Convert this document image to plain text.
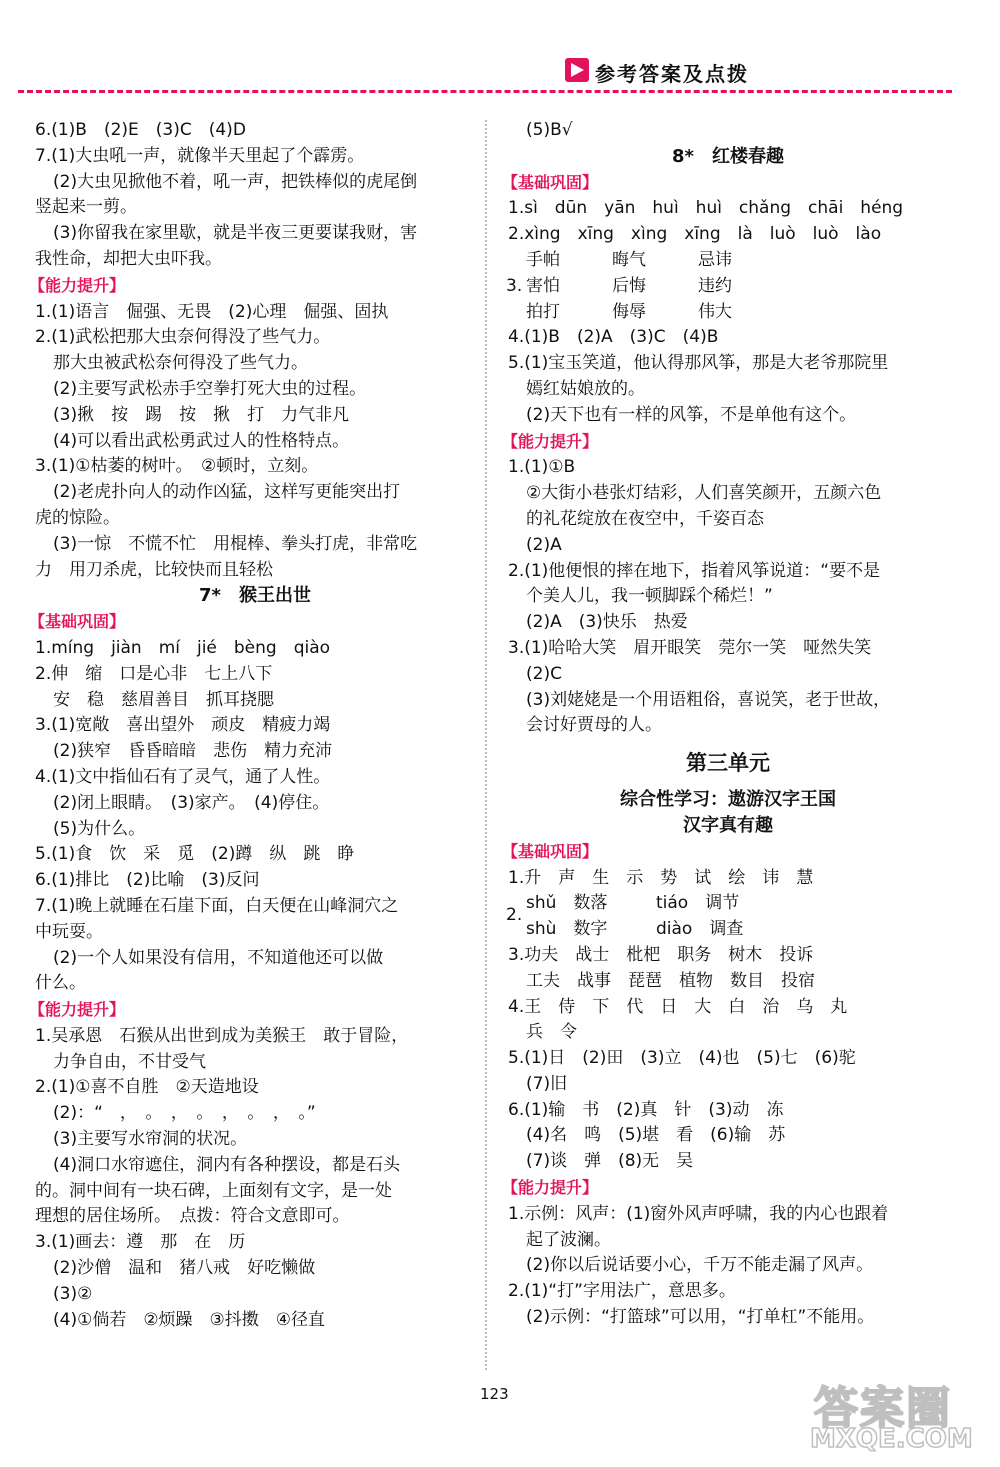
参考答案及点拨
6.(1)B　(2)E　(3)C　(4)D
7.(1)大虫吼一声，就像半天里起了个霹雳。
(2)大虫见掀他不着，吼一声，把铁棒似的虎尾倒
竖起来一剪。
(3)你留我在家里歇，就是半夜三更要谋我财，害
我性命，却把大虫吓我。
【能力提升】
1.(1)语言　倔强、无畏　(2)心理　倔强、固执
2.(1)武松把那大虫奈何得没了些气力。
那大虫被武松奈何得没了些气力。
(2)主要写武松赤手空拳打死大虫的过程。
(3)揪　按　踢　按　揪　打　力气非凡
(4)可以看出武松勇武过人的性格特点。
3.(1)①枯萎的树叶。　②顿时，立刻。
(2)老虎扑向人的动作凶猛，这样写更能突出打
虎的惊险。
(3)一惊　不慌不忙　用棍棒、拳头打虎，非常吃
力　用刀杀虎，比较快而且轻松
7*　猴王出世
【基础巩固】
1.míng　jiàn　mí　jié　bèng　qiào
2.伸　缩　口是心非　七上八下
安　稳　慈眉善目　抓耳挠腮
3.(1)宽敞　喜出望外　顽皮　精疲力竭
(2)狭窄　昏昏暗暗　悲伤　精力充沛
4.(1)文中指仙石有了灵气，通了人性。
(2)闭上眼睛。　(3)家产。　(4)停住。
(5)为什么。
5.(1)食　饮　采　觅　(2)蹲　纵　跳　睁
6.(1)排比　(2)比喻　(3)反问
7.(1)晚上就睡在石崖下面，白天便在山峰洞穴之
中玩耍。
(2)一个人如果没有信用，不知道他还可以做
什么。
【能力提升】
1.吴承恩　石猴从出世到成为美猴王　敢于冒险，
力争自由，不甘受气
2.(1)①喜不自胜　②天造地设
(2)：“　，　。　，　。　，　。　，　。”
(3)主要写水帘洞的状况。
(4)洞口水帘遮住，洞内有各种摆设，都是石头
的。洞中间有一块石碑，上面刻有文字，是一处
理想的居住场所。　点拨：符合文意即可。
3.(1)画去：遵　那　在　历
(2)沙僧　温和　猪八戒　好吃懒做
(3)②
(4)①倘若　②烦躁　③抖擞　④径直
(5)B√
8*　红楼春趣
【基础巩固】
1.sì　dūn　yān　huì　huì　chǎng　chāi　héng
2.xìng　xīng　xìng　xīng　là　luò　luò　lào
3.
手帕	晦气	忌讳
害怕	后悔	违约
拍打	侮辱	伟大
4.(1)B　(2)A　(3)C　(4)B
5.(1)宝玉笑道，他认得那风筝，那是大老爷那院里
嫣红姑娘放的。
(2)天下也有一样的风筝，不是单他有这个。
【能力提升】
1.(1)①B
②大街小巷张灯结彩，人们喜笑颜开，五颜六色
的礼花绽放在夜空中，千姿百态
(2)A
2.(1)他便恨的摔在地下，指着风筝说道：“要不是
个美人儿，我一顿脚踩个稀烂！”
(2)A　(3)快乐　热爱
3.(1)哈哈大笑　眉开眼笑　莞尔一笑　哑然失笑
(2)C
(3)刘姥姥是一个用语粗俗，喜说笑，老于世故，
会讨好贾母的人。
第三单元
综合性学习：遨游汉字王国
汉字真有趣
【基础巩固】
1.升　声　生　示　势　试　绘　讳　慧
2.
shǔ　数落	tiáo　调节
shù　数字	diào　调查
3.功夫　战士　枇杷　职务　树木　投诉
工夫　战事　琵琶　植物　数目　投宿
4.王　侍　下　代　日　大　白　治　乌　丸
兵　令
5.(1)日　(2)田　(3)立　(4)也　(5)七　(6)驼
(7)旧
6.(1)输　书　(2)真　针　(3)动　冻
(4)名　鸣　(5)堪　看　(6)输　苏
(7)谈　弹　(8)无　吴
【能力提升】
1.示例：风声：(1)窗外风声呼啸，我的内心也跟着
起了波澜。
(2)你以后说话要小心，千万不能走漏了风声。
2.(1)“打”字用法广，意思多。
(2)示例：“打篮球”可以用，“打单杠”不能用。
123	答案圈
MXQE.COM
